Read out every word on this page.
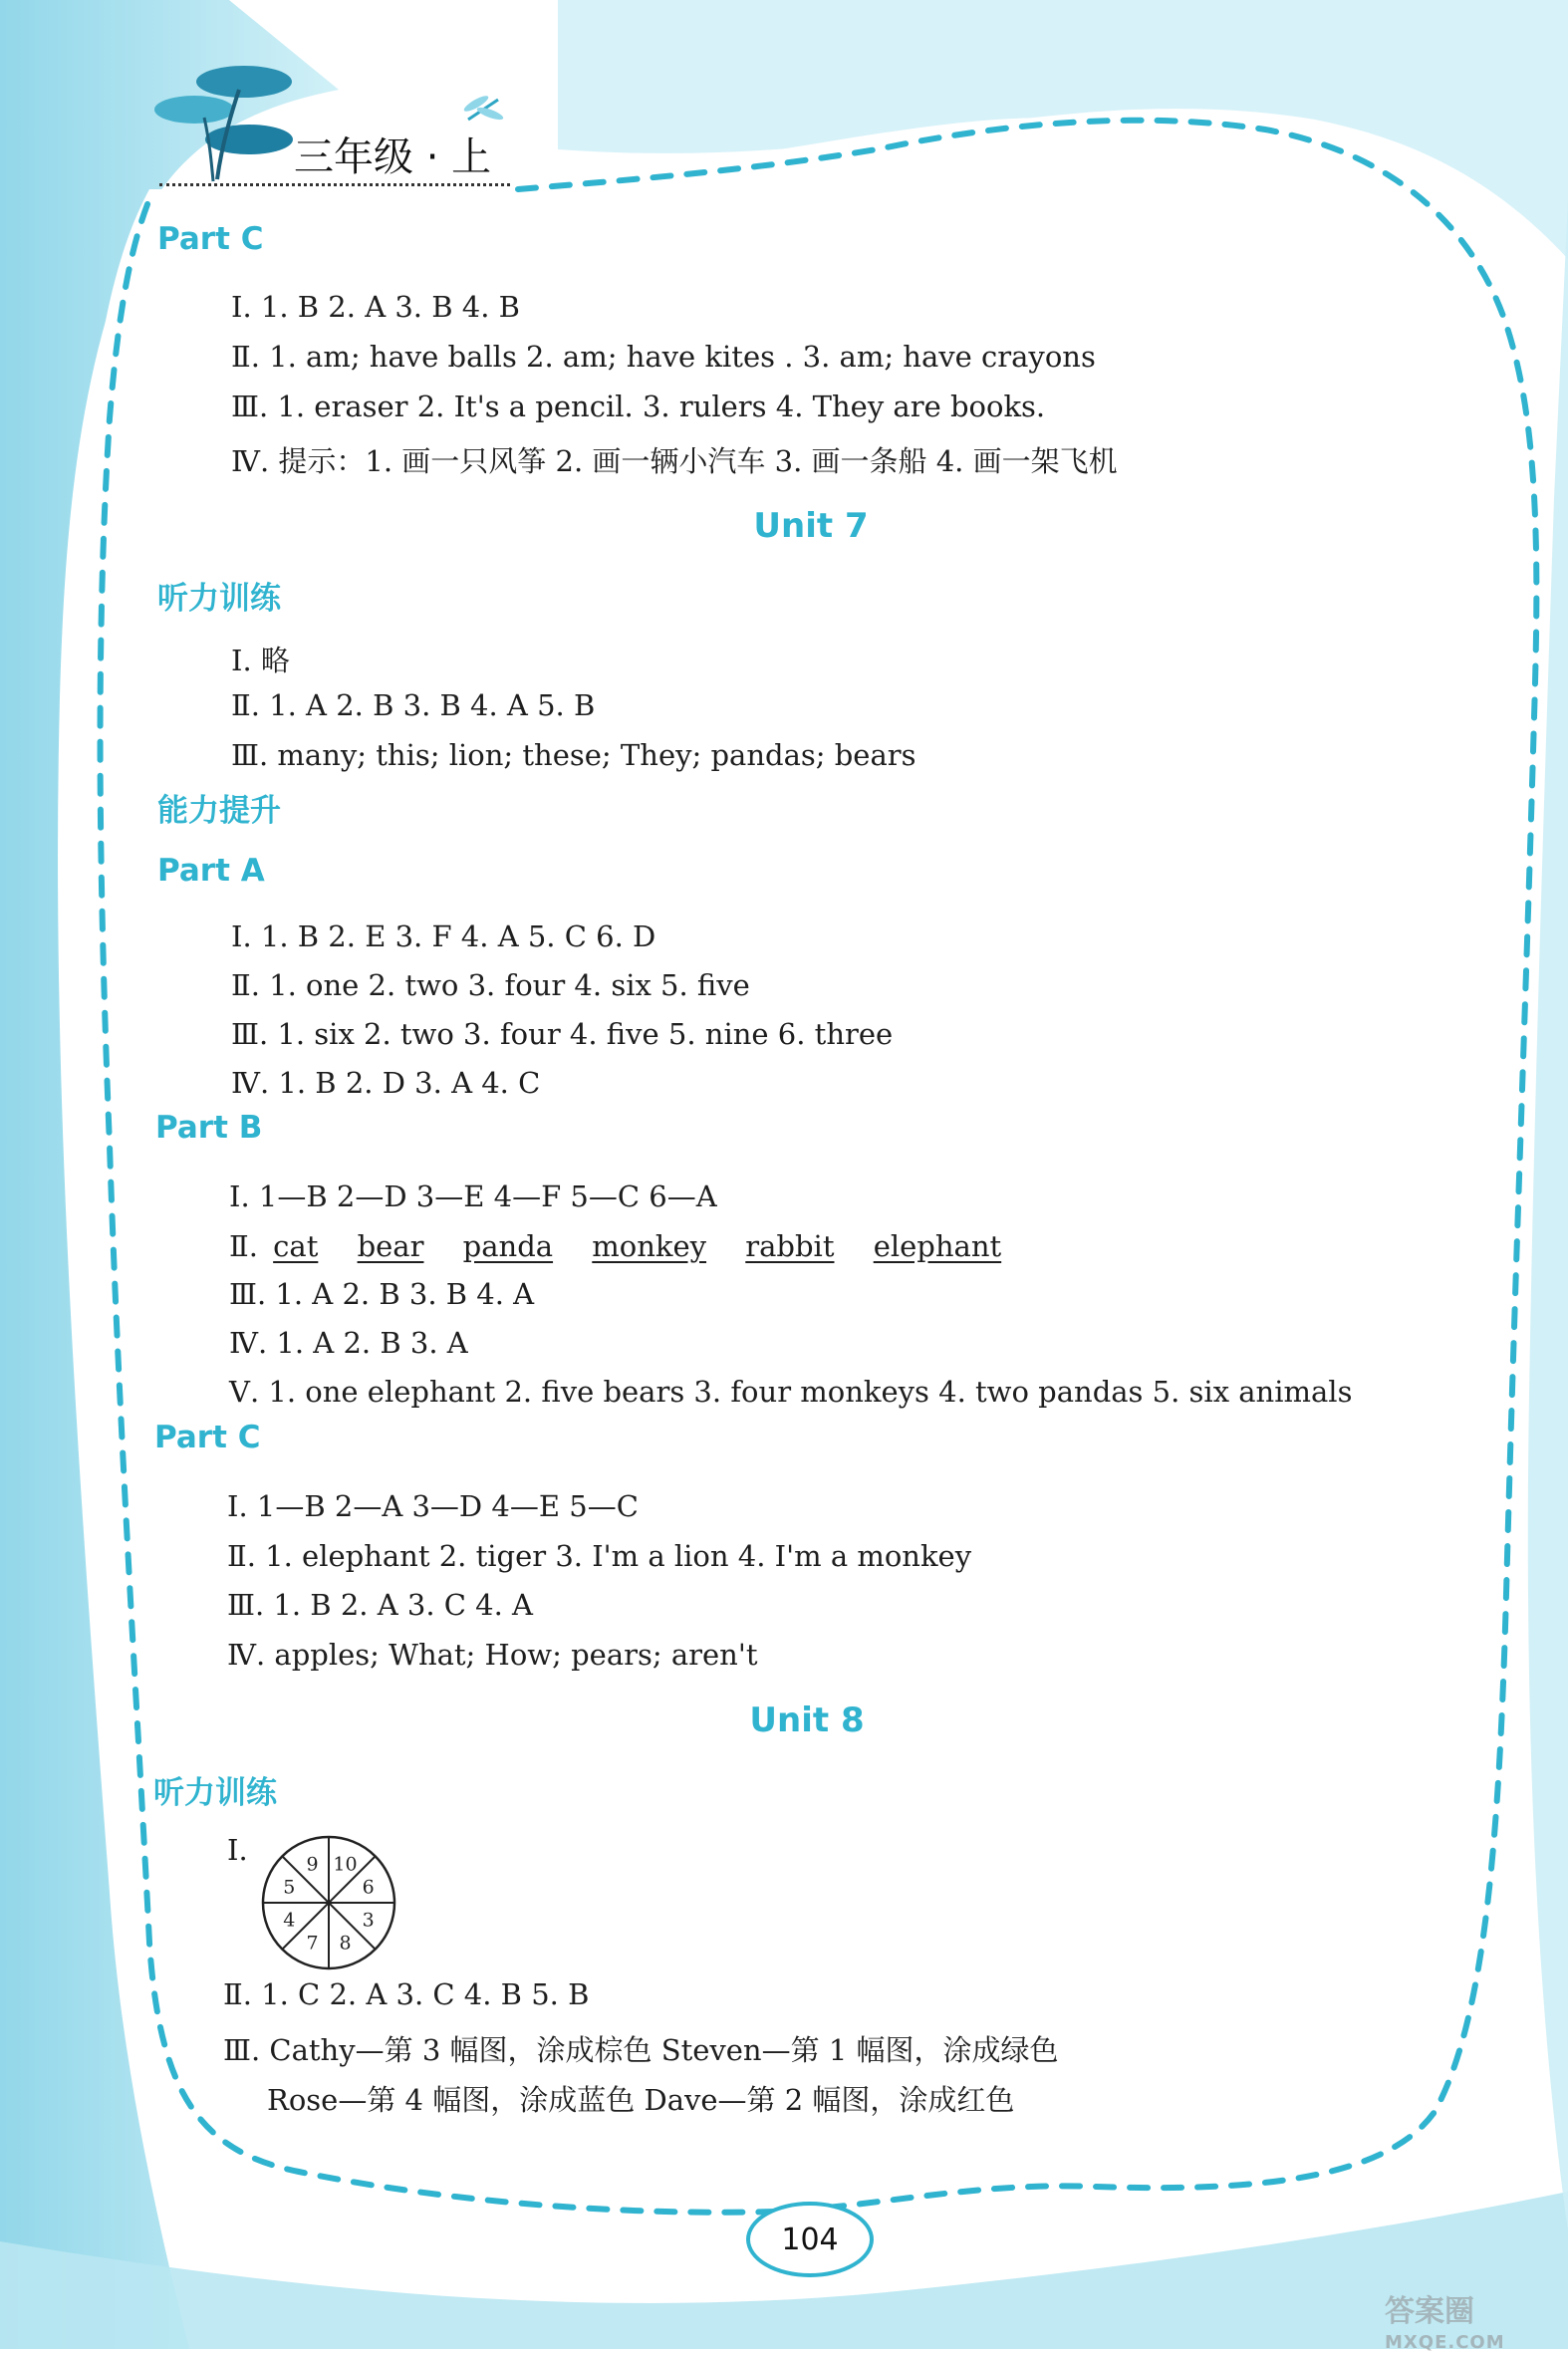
三年级 · 上
Part C
Ⅰ. 1. B 2. A 3. B 4. B
Ⅱ. 1. am; have balls 2. am; have kites . 3. am; have crayons
Ⅲ. 1. eraser 2. It's a pencil. 3. rulers 4. They are books.
Ⅳ. 提示：1. 画一只风筝 2. 画一辆小汽车 3. 画一条船 4. 画一架飞机
Unit 7
听力训练
Ⅰ. 略
Ⅱ. 1. A 2. B 3. B 4. A 5. B
Ⅲ. many; this; lion; these; They; pandas; bears
能力提升
Part A
Ⅰ. 1. B 2. E 3. F 4. A 5. C 6. D
Ⅱ. 1. one 2. two 3. four 4. six 5. five
Ⅲ. 1. six 2. two 3. four 4. five 5. nine 6. three
Ⅳ. 1. B 2. D 3. A 4. C
Part B
Ⅰ. 1—B 2—D 3—E 4—F 5—C 6—A
Ⅱ. cat bear panda monkey rabbit elephant
Ⅲ. 1. A 2. B 3. B 4. A
Ⅳ. 1. A 2. B 3. A
Ⅴ. 1. one elephant 2. five bears 3. four monkeys 4. two pandas 5. six animals
Part C
Ⅰ. 1—B 2—A 3—D 4—E 5—C
Ⅱ. 1. elephant 2. tiger 3. I'm a lion 4. I'm a monkey
Ⅲ. 1. B 2. A 3. C 4. A
Ⅳ. apples; What; How; pears; aren't
Unit 8
听力训练
Ⅰ.	9 10
6
3
8
7
4
5
Ⅱ. 1. C 2. A 3. C 4. B 5. B
Ⅲ. Cathy—第 3 幅图，涂成棕色 Steven—第 1 幅图，涂成绿色
Rose—第 4 幅图，涂成蓝色 Dave—第 2 幅图，涂成红色
104
答案圈
MXQE.COM
